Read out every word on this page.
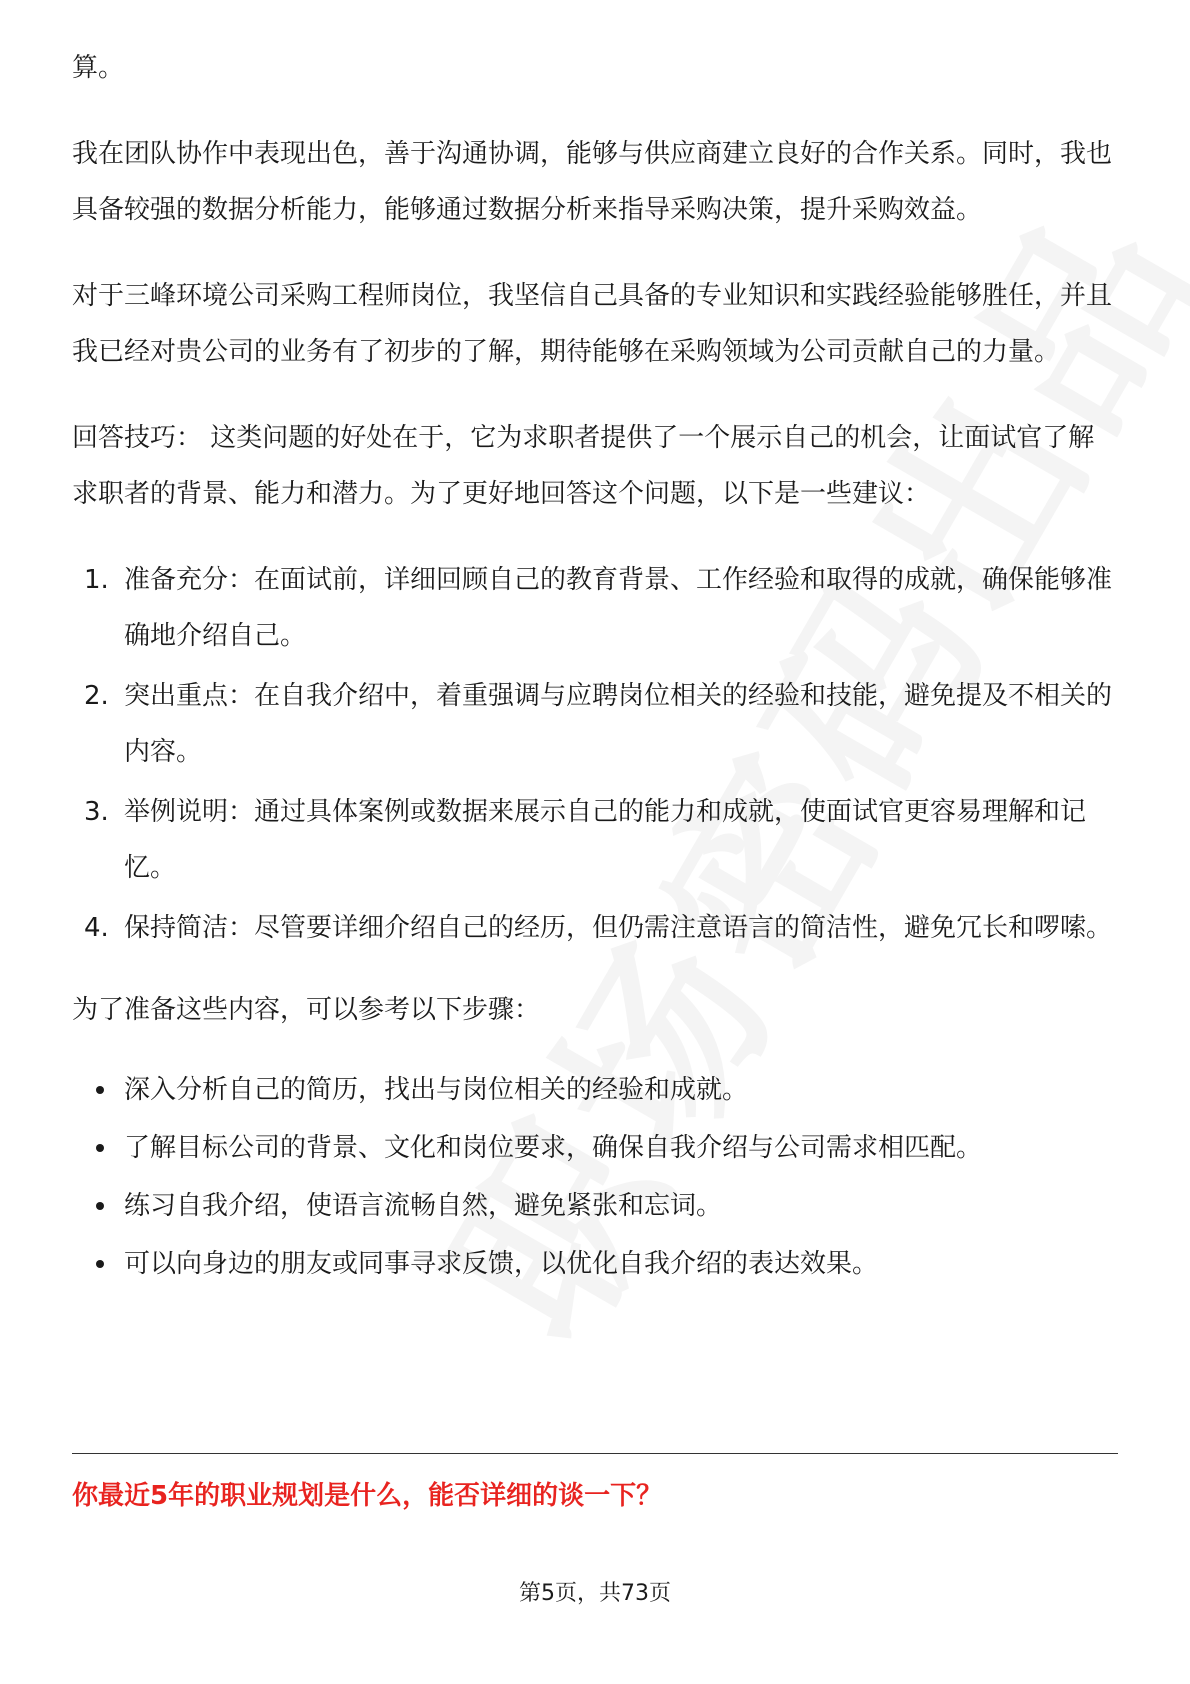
算。

我在团队协作中表现出色，善于沟通协调，能够与供应商建立良好的合作关系。同时，我也具备较强的数据分析能力，能够通过数据分析来指导采购决策，提升采购效益。

对于三峰环境公司采购工程师岗位，我坚信自己具备的专业知识和实践经验能够胜任，并且我已经对贵公司的业务有了初步的了解，期待能够在采购领域为公司贡献自己的力量。

回答技巧： 这类问题的好处在于，它为求职者提供了一个展示自己的机会，让面试官了解求职者的背景、能力和潜力。为了更好地回答这个问题，以下是一些建议：

1. 准备充分：在面试前，详细回顾自己的教育背景、工作经验和取得的成就，确保能够准确地介绍自己。
2. 突出重点：在自我介绍中，着重强调与应聘岗位相关的经验和技能，避免提及不相关的内容。
3. 举例说明：通过具体案例或数据来展示自己的能力和成就，使面试官更容易理解和记忆。
4. 保持简洁：尽管要详细介绍自己的经历，但仍需注意语言的简洁性，避免冗长和啰嗦。

为了准备这些内容，可以参考以下步骤：

深入分析自己的简历，找出与岗位相关的经验和成就。
了解目标公司的背景、文化和岗位要求，确保自我介绍与公司需求相匹配。
练习自我介绍，使语言流畅自然，避免紧张和忘词。
可以向身边的朋友或同事寻求反馈，以优化自我介绍的表达效果。
你最近5年的职业规划是什么，能否详细的谈一下？
第5页，共73页
